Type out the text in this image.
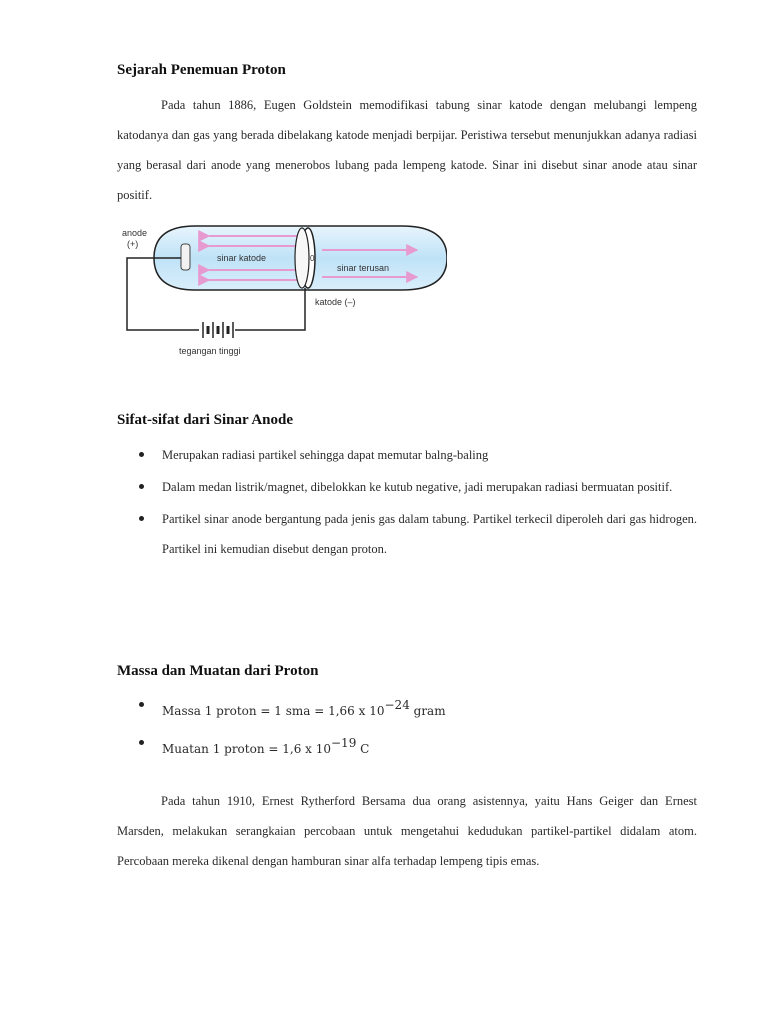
Sejarah Penemuan Proton

Pada tahun 1886, Eugen Goldstein memodifikasi tabung sinar katode dengan melubangi lempeng katodanya dan gas yang berada dibelakang katode menjadi berpijar. Peristiwa tersebut menunjukkan adanya radiasi yang berasal dari anode yang menerobos lubang pada lempeng katode. Sinar ini disebut sinar anode atau sinar positif.

sinar katode	0
sinar terusan
anode
(+)
katode (–)
tegangan tinggi
Sifat-sifat dari Sinar Anode
Merupakan radiasi partikel sehingga dapat memutar balng-baling
Dalam medan listrik/magnet, dibelokkan ke kutub negative, jadi merupakan radiasi bermuatan positif.
Partikel sinar anode bergantung pada jenis gas dalam tabung. Partikel terkecil diperoleh dari gas hidrogen. Partikel ini kemudian disebut dengan proton.
Massa dan Muatan dari Proton
Massa 1 proton = 1 sma = 1,66 x 10−24 gram
Muatan 1 proton = 1,6 x 10−19 C

Pada tahun 1910, Ernest Rytherford Bersama dua orang asistennya, yaitu Hans Geiger dan Ernest Marsden, melakukan serangkaian percobaan untuk mengetahui kedudukan partikel-partikel didalam atom. Percobaan mereka dikenal dengan hamburan sinar alfa terhadap lempeng tipis emas.
